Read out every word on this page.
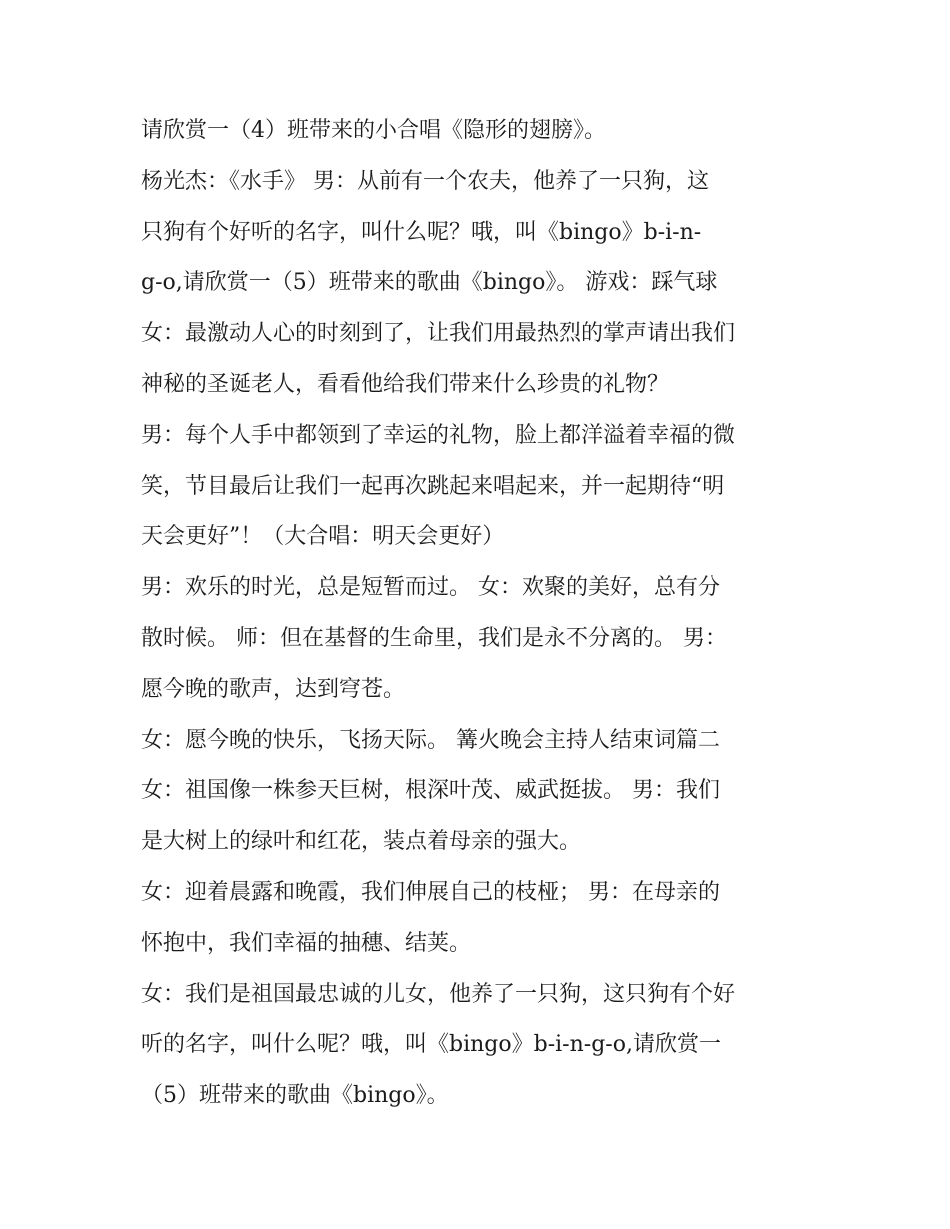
请欣赏一（4）班带来的小合唱《隐形的翅膀》。
杨光杰：《水手》 男：从前有一个农夫，他养了一只狗，这
只狗有个好听的名字，叫什么呢？哦，叫《bingo》b-i-n-
g-o,请欣赏一（5）班带来的歌曲《bingo》。 游戏：踩气球
女：最激动人心的时刻到了，让我们用最热烈的掌声请出我们
神秘的圣诞老人，看看他给我们带来什么珍贵的礼物？
男：每个人手中都领到了幸运的礼物，脸上都洋溢着幸福的微
笑，节目最后让我们一起再次跳起来唱起来，并一起期待“明
天会更好”！（大合唱：明天会更好）
男：欢乐的时光，总是短暂而过。 女：欢聚的美好，总有分
散时候。 师：但在基督的生命里，我们是永不分离的。 男：
愿今晚的歌声，达到穹苍。
女：愿今晚的快乐，飞扬天际。 篝火晚会主持人结束词篇二
女：祖国像一株参天巨树，根深叶茂、威武挺拔。 男：我们
是大树上的绿叶和红花，装点着母亲的强大。
女：迎着晨露和晚霞，我们伸展自己的枝桠； 男：在母亲的
怀抱中，我们幸福的抽穗、结荚。
女：我们是祖国最忠诚的儿女，他养了一只狗，这只狗有个好
听的名字，叫什么呢？哦，叫《bingo》b-i-n-g-o,请欣赏一
（5）班带来的歌曲《bingo》。
